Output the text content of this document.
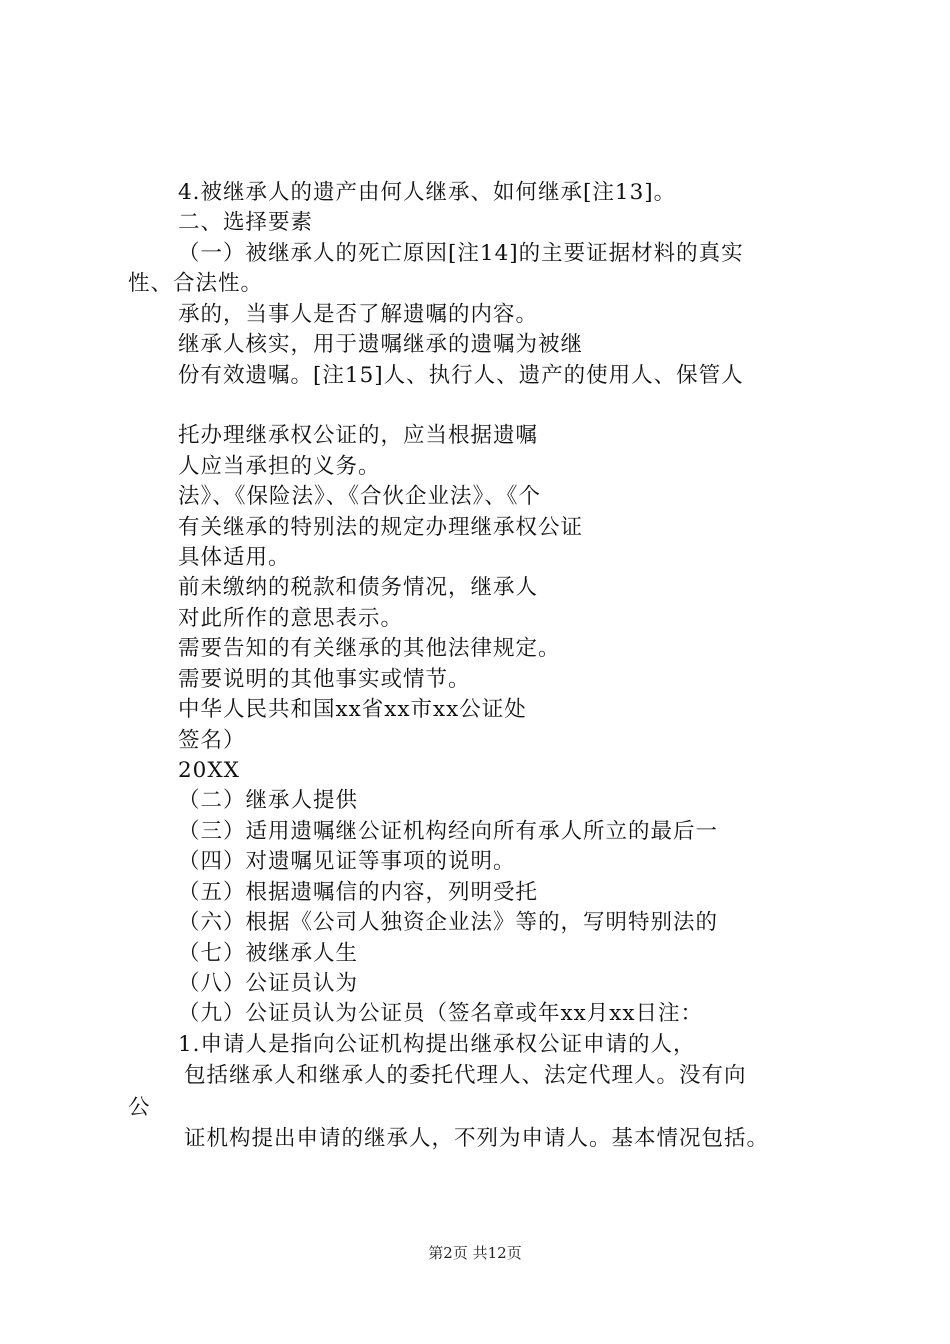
4.被继承人的遗产由何人继承、如何继承[注13]。
二、选择要素
（一）被继承人的死亡原因[注14]的主要证据材料的真实
性、合法性。
承的，当事人是否了解遗嘱的内容。
继承人核实，用于遗嘱继承的遗嘱为被继
份有效遗嘱。[注15]人、执行人、遗产的使用人、保管人
托办理继承权公证的，应当根据遗嘱
人应当承担的义务。
法》、《保险法》、《合伙企业法》、《个
有关继承的特别法的规定办理继承权公证
具体适用。
前未缴纳的税款和债务情况，继承人
对此所作的意思表示。
需要告知的有关继承的其他法律规定。
需要说明的其他事实或情节。
中华人民共和国xx省xx市xx公证处
签名）
20XX
（二）继承人提供
（三）适用遗嘱继公证机构经向所有承人所立的最后一
（四）对遗嘱见证等事项的说明。
（五）根据遗嘱信的内容，列明受托
（六）根据《公司人独资企业法》等的，写明特别法的
（七）被继承人生
（八）公证员认为
（九）公证员认为公证员（签名章或年xx月xx日注：
1.申请人是指向公证机构提出继承权公证申请的人，
包括继承人和继承人的委托代理人、法定代理人。没有向
公
证机构提出申请的继承人，不列为申请人。基本情况包括。
第2页 共12页
